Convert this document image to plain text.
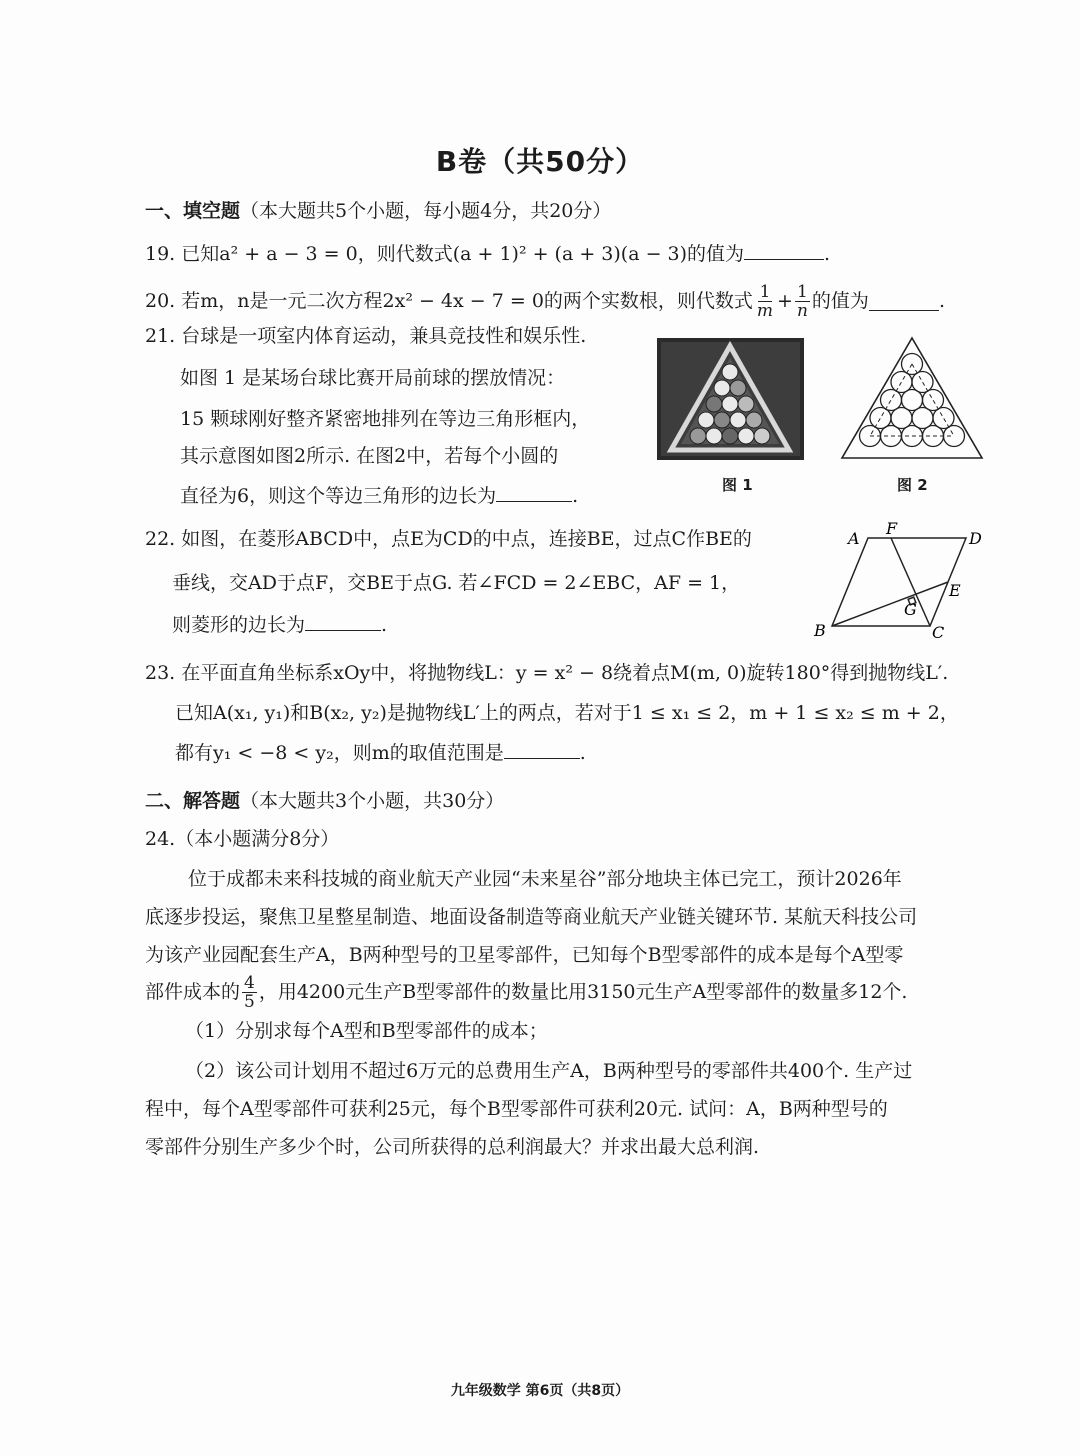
B卷（共50分）
一、填空题（本大题共5个小题，每小题4分，共20分）
19. 已知a² + a − 3 = 0，则代数式(a + 1)² + (a + 3)(a − 3)的值为	.
20. 若m，n是一元二次方程2x² − 4x − 7 = 0的两个实数根，则代数式 $\frac{1}{m} + \frac{1}{n}$ 的值为	.
21. 台球是一项室内体育运动，兼具竞技性和娱乐性.
如图 1 是某场台球比赛开局前球的摆放情况：
15 颗球刚好整齐紧密地排列在等边三角形框内，
其示意图如图2所示. 在图2中，若每个小圆的
直径为6，则这个等边三角形的边长为	.	图 1	图 2
22. 如图，在菱形ABCD中，点E为CD的中点，连接BE，过点C作BE的
垂线，交AD于点F，交BE于点G. 若∠FCD = 2∠EBC，AF = 1，
则菱形的边长为	.
A	D
F
E
G
B	C
23. 在平面直角坐标系xOy中，将抛物线L：y = x² − 8绕着点M(m, 0)旋转180°得到抛物线L′.
已知A(x₁, y₁)和B(x₂, y₂)是抛物线L′上的两点，若对于1 ≤ x₁ ≤ 2，m + 1 ≤ x₂ ≤ m + 2，
都有y₁ < −8 < y₂，则m的取值范围是	.
二、解答题（本大题共3个小题，共30分）
24.（本小题满分8分）
位于成都未来科技城的商业航天产业园“未来星谷”部分地块主体已完工，预计2026年
底逐步投运，聚焦卫星整星制造、地面设备制造等商业航天产业链关键环节. 某航天科技公司
为该产业园配套生产A，B两种型号的卫星零部件，已知每个B型零部件的成本是每个A型零
部件成本的 $\frac{4}{5}$ ，用4200元生产B型零部件的数量比用3150元生产A型零部件的数量多12个.
（1）分别求每个A型和B型零部件的成本；
（2）该公司计划用不超过6万元的总费用生产A，B两种型号的零部件共400个. 生产过
程中，每个A型零部件可获利25元，每个B型零部件可获利20元. 试问：A，B两种型号的
零部件分别生产多少个时，公司所获得的总利润最大？并求出最大总利润.
九年级数学 第6页（共8页）
